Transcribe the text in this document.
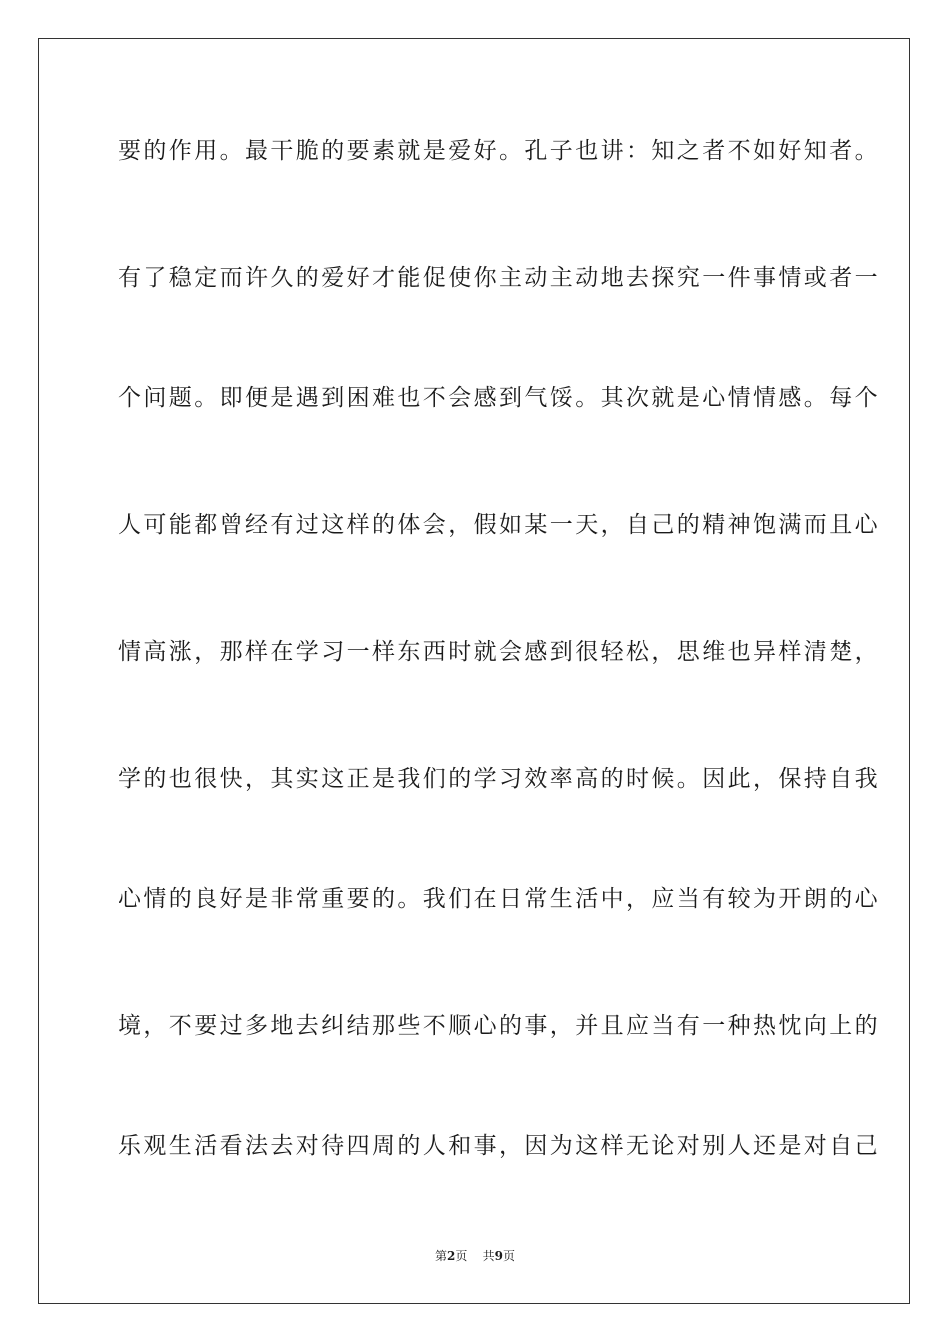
要的作用。最干脆的要素就是爱好。孔子也讲：知之者不如好知者。
有了稳定而许久的爱好才能促使你主动主动地去探究一件事情或者一
个问题。即便是遇到困难也不会感到气馁。其次就是心情情感。每个
人可能都曾经有过这样的体会，假如某一天，自己的精神饱满而且心
情高涨，那样在学习一样东西时就会感到很轻松，思维也异样清楚，
学的也很快，其实这正是我们的学习效率高的时候。因此，保持自我
心情的良好是非常重要的。我们在日常生活中，应当有较为开朗的心
境，不要过多地去纠结那些不顺心的事，并且应当有一种热忱向上的
乐观生活看法去对待四周的人和事，因为这样无论对别人还是对自己
第2页 共9页
